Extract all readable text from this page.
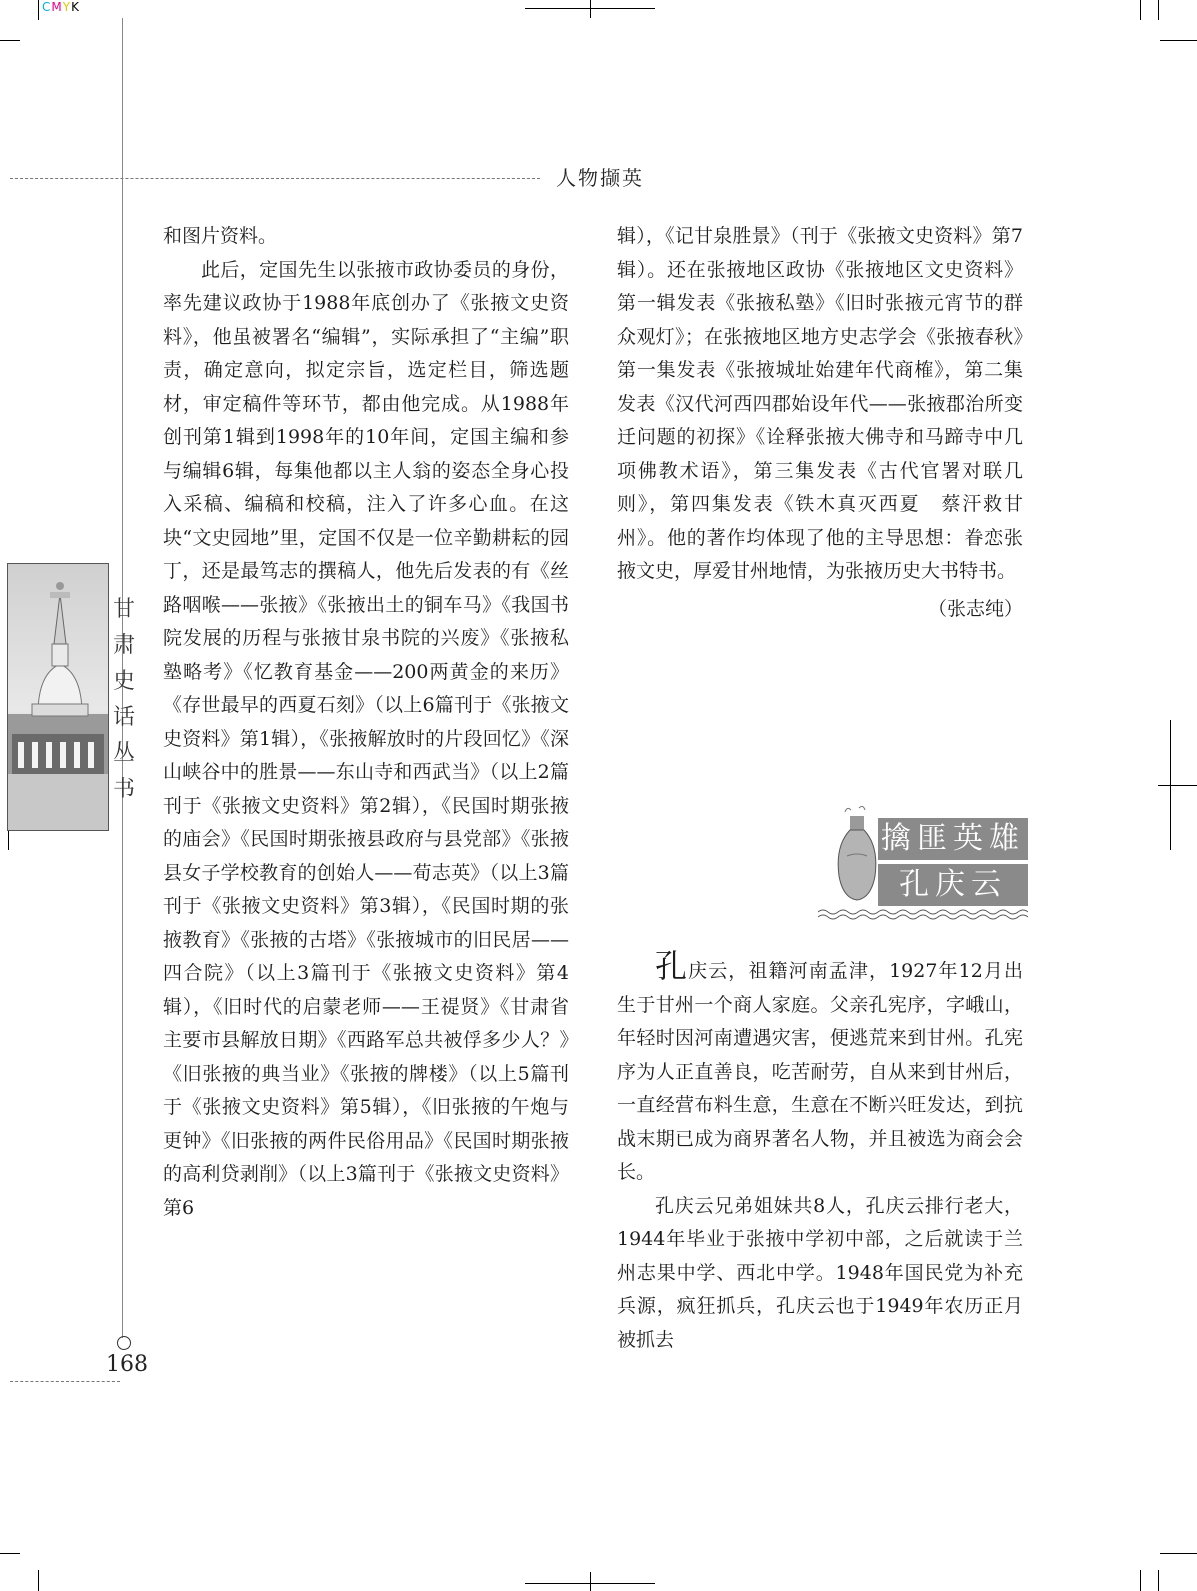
CMYK
人物撷英
甘
肃
史
话
丛
书
168

和图片资料。

此后，定国先生以张掖市政协委员的身份，率先建议政协于1988年底创办了《张掖文史资料》，他虽被署名“编辑”，实际承担了“主编”职责，确定意向，拟定宗旨，选定栏目，筛选题材，审定稿件等环节，都由他完成。从1988年创刊第1辑到1998年的10年间，定国主编和参与编辑6辑，每集他都以主人翁的姿态全身心投入采稿、编稿和校稿，注入了许多心血。在这块“文史园地”里，定国不仅是一位辛勤耕耘的园丁，还是最笃志的撰稿人，他先后发表的有《丝路咽喉——张掖》《张掖出土的铜车马》《我国书院发展的历程与张掖甘泉书院的兴废》《张掖私塾略考》《忆教育基金——200两黄金的来历》《存世最早的西夏石刻》（以上6篇刊于《张掖文史资料》第1辑），《张掖解放时的片段回忆》《深山峡谷中的胜景——东山寺和西武当》（以上2篇刊于《张掖文史资料》第2辑），《民国时期张掖的庙会》《民国时期张掖县政府与县党部》《张掖县女子学校教育的创始人——荀志英》（以上3篇刊于《张掖文史资料》第3辑），《民国时期的张掖教育》《张掖的古塔》《张掖城市的旧民居——四合院》（以上3篇刊于《张掖文史资料》第4辑），《旧时代的启蒙老师——王禔贤》《甘肃省主要市县解放日期》《西路军总共被俘多少人？》《旧张掖的典当业》《张掖的牌楼》（以上5篇刊于《张掖文史资料》第5辑），《旧张掖的午炮与更钟》《旧张掖的两件民俗用品》《民国时期张掖的高利贷剥削》（以上3篇刊于《张掖文史资料》第6

辑），《记甘泉胜景》（刊于《张掖文史资料》第7辑）。还在张掖地区政协《张掖地区文史资料》第一辑发表《张掖私塾》《旧时张掖元宵节的群众观灯》；在张掖地区地方史志学会《张掖春秋》第一集发表《张掖城址始建年代商榷》，第二集发表《汉代河西四郡始设年代——张掖郡治所变迁问题的初探》《诠释张掖大佛寺和马蹄寺中几项佛教术语》，第三集发表《古代官署对联几则》，第四集发表《铁木真灭西夏　蔡汗救甘州》。他的著作均体现了他的主导思想：眷恋张掖文史，厚爱甘州地情，为张掖历史大书特书。

（张志纯）

擒匪英雄
孔庆云

孔庆云，祖籍河南孟津，1927年12月出生于甘州一个商人家庭。父亲孔宪序，字峨山，年轻时因河南遭遇灾害，便逃荒来到甘州。孔宪序为人正直善良，吃苦耐劳，自从来到甘州后，一直经营布料生意，生意在不断兴旺发达，到抗战末期已成为商界著名人物，并且被选为商会会长。

孔庆云兄弟姐妹共8人，孔庆云排行老大，1944年毕业于张掖中学初中部，之后就读于兰州志果中学、西北中学。1948年国民党为补充兵源，疯狂抓兵，孔庆云也于1949年农历正月被抓去
